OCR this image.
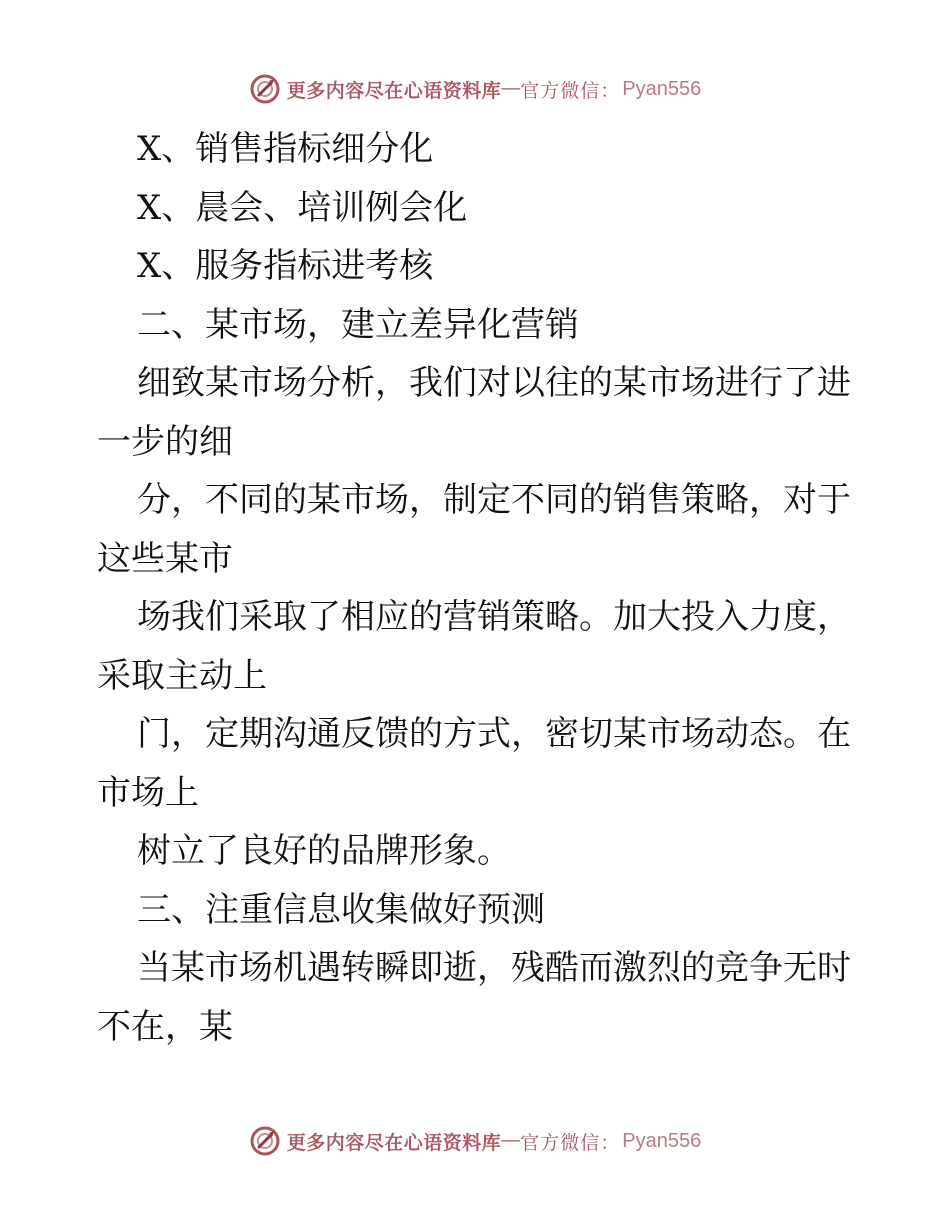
更多内容尽在心语资料库 — 官方微信： Pyan556
X、销售指标细分化
X、晨会、培训例会化
X、服务指标进考核
二、某市场，建立差异化营销
细致某市场分析，我们对以往的某市场进行了进
一步的细
分，不同的某市场，制定不同的销售策略，对于
这些某市
场我们采取了相应的营销策略。加大投入力度，
采取主动上
门，定期沟通反馈的方式，密切某市场动态。在
市场上
树立了良好的品牌形象。
三、注重信息收集做好预测
当某市场机遇转瞬即逝，残酷而激烈的竞争无时
不在，某
更多内容尽在心语资料库 — 官方微信： Pyan556
